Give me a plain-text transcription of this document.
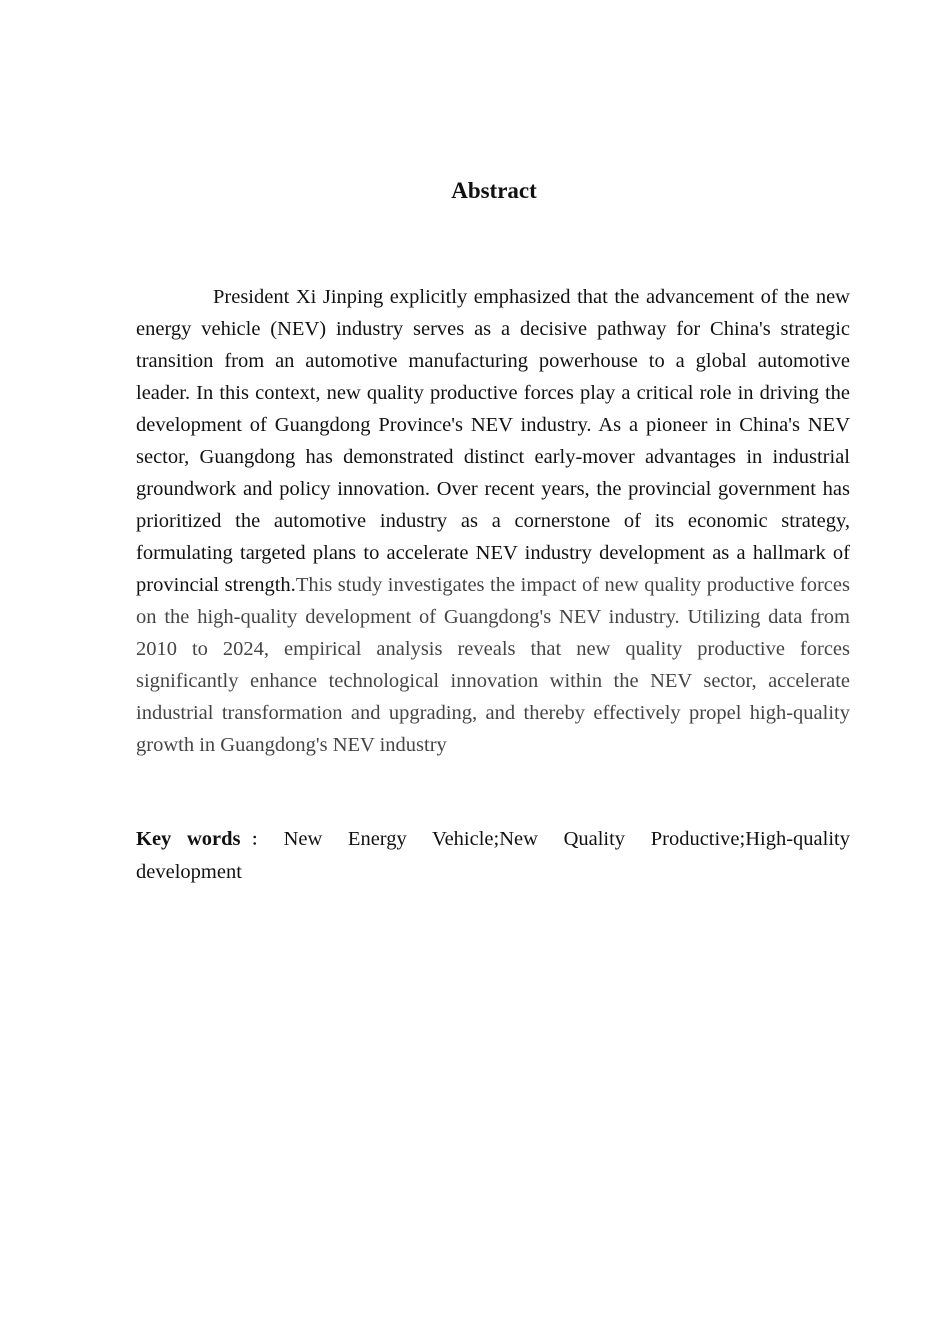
Abstract

President Xi Jinping explicitly emphasized that the advancement of the new energy vehicle (NEV) industry serves as a decisive pathway for China's strategic transition from an automotive manufacturing powerhouse to a global automotive leader. In this context, new quality productive forces play a critical role in driving the development of Guangdong Province's NEV industry. As a pioneer in China's NEV sector, Guangdong has demonstrated distinct early-mover advantages in industrial groundwork and policy innovation. Over recent years, the provincial government has prioritized the automotive industry as a cornerstone of its economic strategy, formulating targeted plans to accelerate NEV industry development as a hallmark of provincial strength.This study investigates the impact of new quality productive forces on the high-quality development of Guangdong's NEV industry. Utilizing data from 2010 to 2024, empirical analysis reveals that new quality productive forces significantly enhance technological innovation within the NEV sector, accelerate industrial transformation and upgrading, and thereby effectively propel high-quality growth in Guangdong's NEV industry

Key words ： New Energy Vehicle;New Quality Productive;High-quality development
